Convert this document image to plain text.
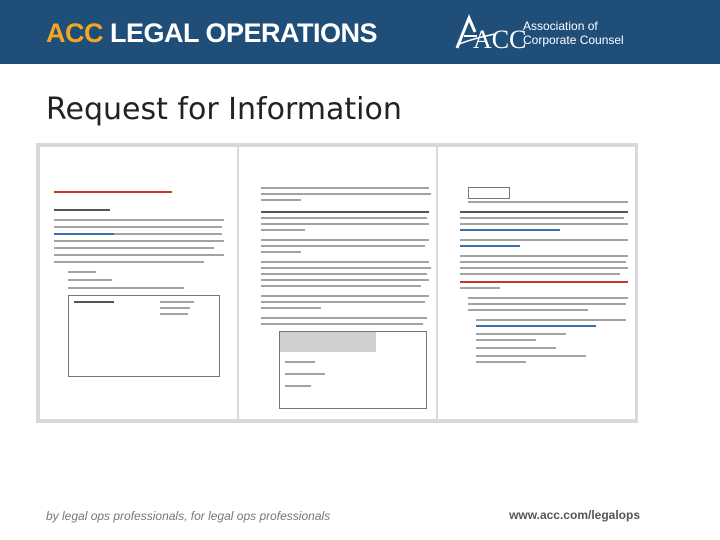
ACC LEGAL OPERATIONS	ACC
Association of
Corporate Counsel
Request for Information
by legal ops professionals, for legal ops professionals	www.acc.com/legalops
